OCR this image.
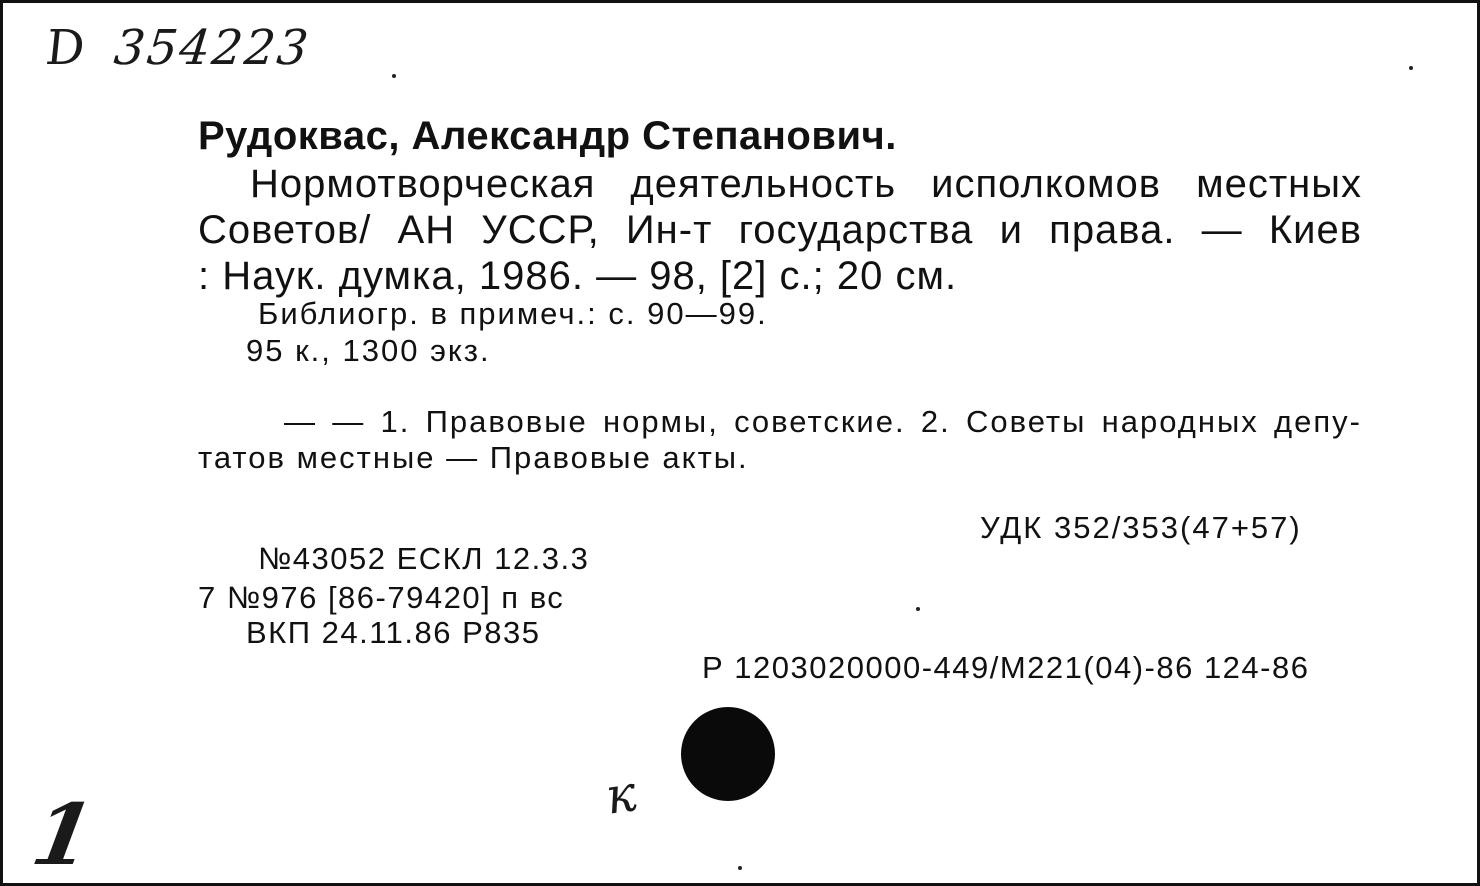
D 354223
Рудоквас, Александр Степанович.
Нормотворческая деятельность исполкомов местных
Советов/ АН УССР, Ин-т государства и права. — Киев
: Наук. думка, 1986. — 98, [2] с.; 20 см.
Библиогр. в примеч.: с. 90—99.
95 к., 1300 экз.
— — 1. Правовые нормы, советские. 2. Советы народных депу-
татов местные — Правовые акты.
УДК 352/353(47+57)
№43052 ЕСКЛ 12.3.3
7 №976 [86-79420] п вс
ВКП 24.11.86 Р835
Р 1203020000-449/М221(04)-86 124-86
к
1
